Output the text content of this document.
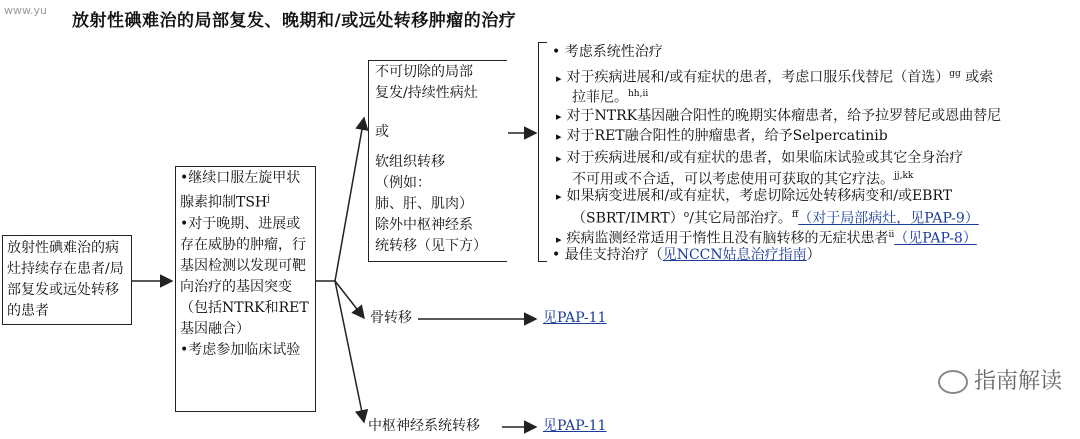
www.yu
放射性碘难治的局部复发、晚期和/或远处转移肿瘤的治疗
放射性碘难治的病灶持续存在患者/局部复发或远处转移的患者
•继续口服左旋甲状腺素抑制TSH$^j$
•对于晚期、进展或存在威胁的肿瘤，行基因检测以发现可靶向治疗的基因突变（包括NTRK和RET基因融合）
•考虑参加临床试验
不可切除的局部
复发/持续性病灶
或
软组织转移
（例如：
肺、肝、肌肉）
除外中枢神经系
统转移（见下方）
骨转移	见PAP-11
中枢神经系统转移	见PAP-11
• 考虑系统性治疗
▸ 对于疾病进展和/或有症状的患者，考虑口服乐伐替尼（首选）$^{gg}$ 或索
拉菲尼。$^{hh,ii}$
▸ 对于NTRK基因融合阳性的晚期实体瘤患者，给予拉罗替尼或恩曲替尼
▸ 对于RET融合阳性的肿瘤患者，给予Selpercatinib
▸ 对于疾病进展和/或有症状的患者，如果临床试验或其它全身治疗
不可用或不合适，可以考虑使用可获取的其它疗法。$^{jj,kk}$
▸ 如果病变进展和/或有症状，考虑切除远处转移病变和/或EBRT
（SBRT/IMRT）$^o$/其它局部治疗。$^{ff}$（对于局部病灶，见PAP-9）
▸ 疾病监测经常适用于惰性且没有脑转移的无症状患者$^{ii}$（见PAP-8）
• 最佳支持治疗（见NCCN姑息治疗指南）
指南解读
